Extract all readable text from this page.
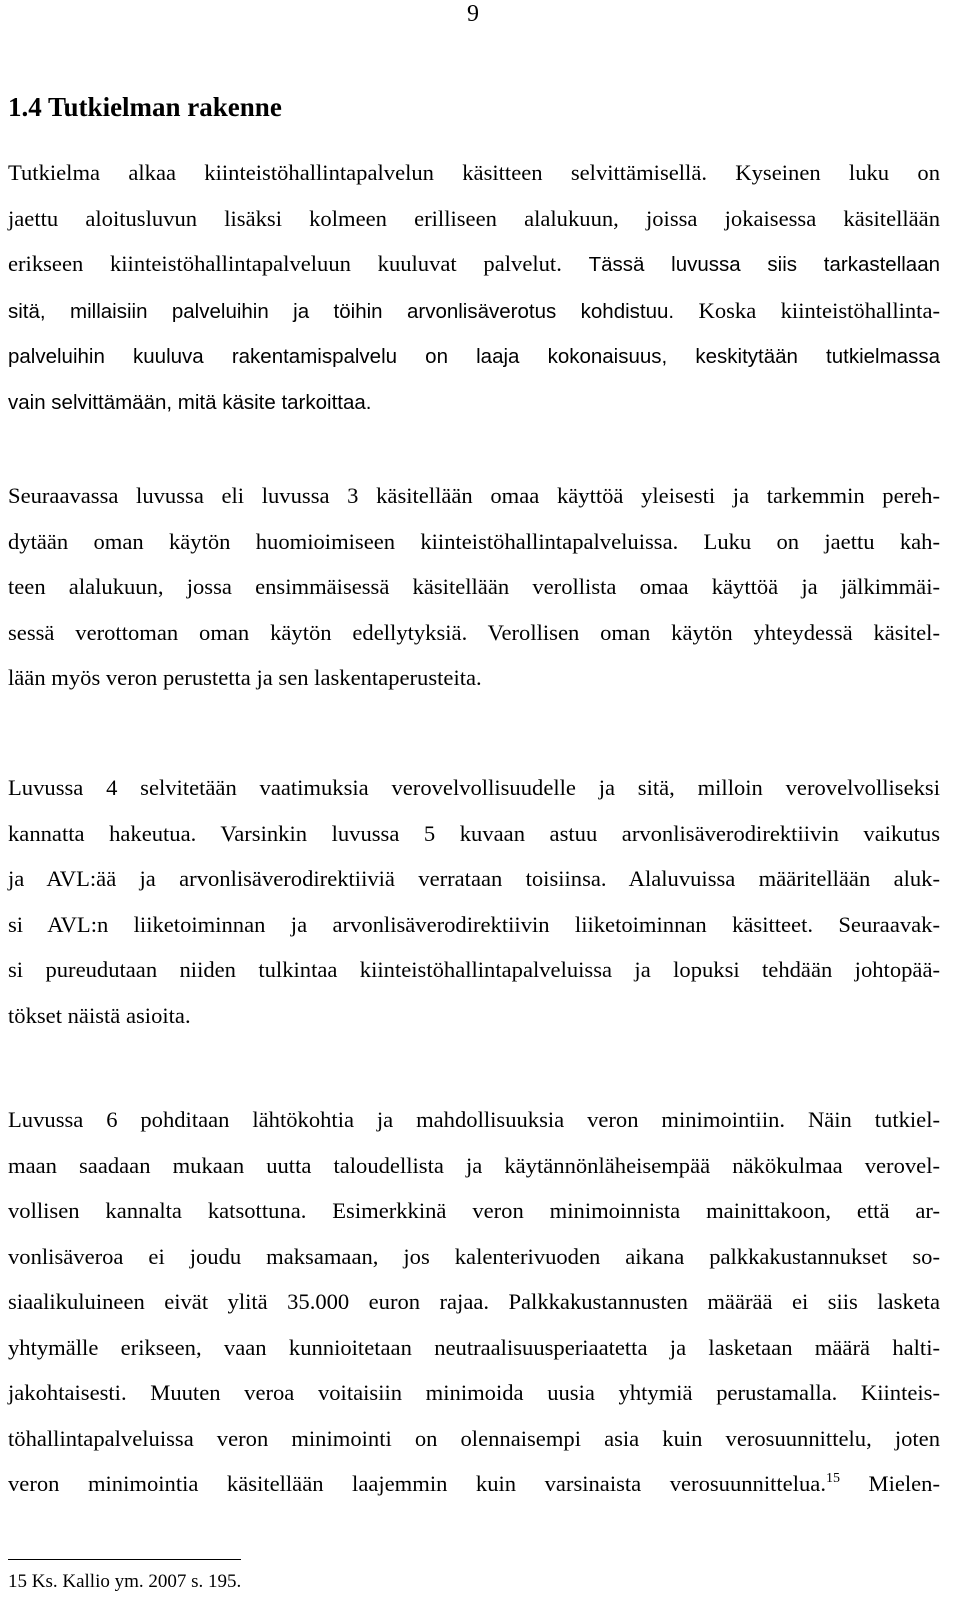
9
1.4 Tutkielman rakenne
Tutkielma alkaa kiinteistöhallintapalvelun käsitteen selvittämisellä. Kyseinen luku on
jaettu aloitusluvun lisäksi kolmeen erilliseen alalukuun, joissa jokaisessa käsitellään
erikseen kiinteistöhallintapalveluun kuuluvat palvelut. Tässä luvussa siis tarkastellaan
sitä, millaisiin palveluihin ja töihin arvonlisäverotus kohdistuu. Koska kiinteistöhallinta-
palveluihin kuuluva rakentamispalvelu on laaja kokonaisuus, keskitytään tutkielmassa
vain selvittämään, mitä käsite tarkoittaa.
Seuraavassa luvussa eli luvussa 3 käsitellään omaa käyttöä yleisesti ja tarkemmin pereh-
dytään oman käytön huomioimiseen kiinteistöhallintapalveluissa. Luku on jaettu kah-
teen alalukuun, jossa ensimmäisessä käsitellään verollista omaa käyttöä ja jälkimmäi-
sessä verottoman oman käytön edellytyksiä. Verollisen oman käytön yhteydessä käsitel-
lään myös veron perustetta ja sen laskentaperusteita.
Luvussa 4 selvitetään vaatimuksia verovelvollisuudelle ja sitä, milloin verovelvolliseksi
kannatta hakeutua. Varsinkin luvussa 5 kuvaan astuu arvonlisäverodirektiivin vaikutus
ja AVL:ää ja arvonlisäverodirektiiviä verrataan toisiinsa. Alaluvuissa määritellään aluk-
si AVL:n liiketoiminnan ja arvonlisäverodirektiivin liiketoiminnan käsitteet. Seuraavak-
si pureudutaan niiden tulkintaa kiinteistöhallintapalveluissa ja lopuksi tehdään johtopää-
tökset näistä asioita.
Luvussa 6 pohditaan lähtökohtia ja mahdollisuuksia veron minimointiin. Näin tutkiel-
maan saadaan mukaan uutta taloudellista ja käytännönläheisempää näkökulmaa verovel-
vollisen kannalta katsottuna. Esimerkkinä veron minimoinnista mainittakoon, että ar-
vonlisäveroa ei joudu maksamaan, jos kalenterivuoden aikana palkkakustannukset so-
siaalikuluineen eivät ylitä 35.000 euron rajaa. Palkkakustannusten määrää ei siis lasketa
yhtymälle erikseen, vaan kunnioitetaan neutraalisuusperiaatetta ja lasketaan määrä halti-
jakohtaisesti. Muuten veroa voitaisiin minimoida uusia yhtymiä perustamalla. Kiinteis-
töhallintapalveluissa veron minimointi on olennaisempi asia kuin verosuunnittelu, joten
veron minimointia käsitellään laajemmin kuin varsinaista verosuunnittelua.$^{15}$ Mielen-

15 Ks. Kallio ym. 2007 s. 195.
